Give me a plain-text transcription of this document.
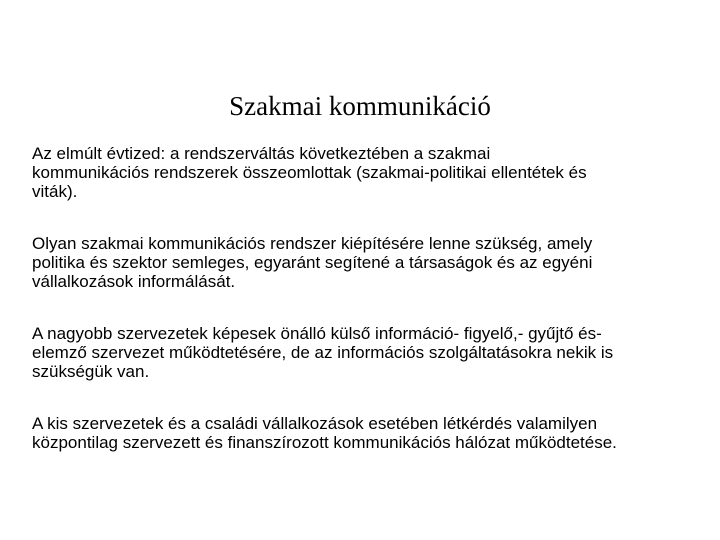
Szakmai kommunikáció

Az elmúlt évtized: a rendszerváltás következtében a szakmai
kommunikációs rendszerek összeomlottak (szakmai-politikai ellentétek és
viták).

Olyan szakmai kommunikációs rendszer kiépítésére lenne szükség, amely
politika és szektor semleges, egyaránt segítené a társaságok és az egyéni
vállalkozások informálását.

A nagyobb szervezetek képesek önálló külső információ- figyelő,- gyűjtő és-
elemző szervezet működtetésére, de az információs szolgáltatásokra nekik is
szükségük van.

A kis szervezetek és a családi vállalkozások esetében létkérdés valamilyen
központilag szervezett és finanszírozott kommunikációs hálózat működtetése.
